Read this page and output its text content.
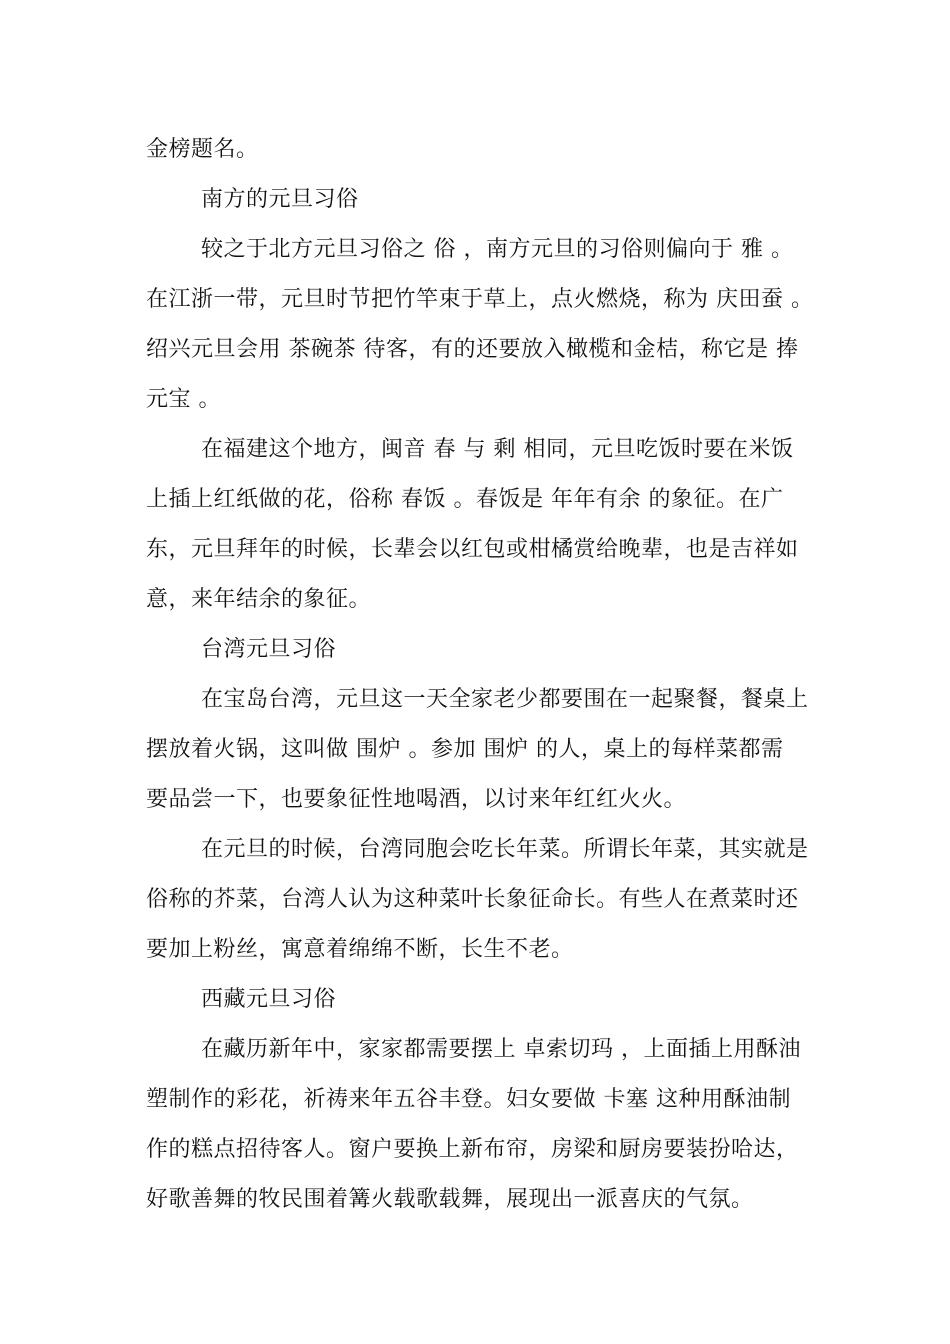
金榜题名。
南方的元旦习俗
较之于北方元旦习俗之 俗 ，南方元旦的习俗则偏向于 雅 。
在江浙一带，元旦时节把竹竿束于草上，点火燃烧，称为 庆田蚕 。
绍兴元旦会用 茶碗茶 待客，有的还要放入橄榄和金桔，称它是 捧
元宝 。
在福建这个地方，闽音 春 与 剩 相同，元旦吃饭时要在米饭
上插上红纸做的花，俗称 春饭 。春饭是 年年有余 的象征。在广
东，元旦拜年的时候，长辈会以红包或柑橘赏给晚辈，也是吉祥如
意，来年结余的象征。
台湾元旦习俗
在宝岛台湾，元旦这一天全家老少都要围在一起聚餐，餐桌上
摆放着火锅，这叫做 围炉 。参加 围炉 的人，桌上的每样菜都需
要品尝一下，也要象征性地喝酒，以讨来年红红火火。
在元旦的时候，台湾同胞会吃长年菜。所谓长年菜，其实就是
俗称的芥菜，台湾人认为这种菜叶长象征命长。有些人在煮菜时还
要加上粉丝，寓意着绵绵不断，长生不老。
西藏元旦习俗
在藏历新年中，家家都需要摆上 卓索切玛 ，上面插上用酥油
塑制作的彩花，祈祷来年五谷丰登。妇女要做 卡塞 这种用酥油制
作的糕点招待客人。窗户要换上新布帘，房梁和厨房要装扮哈达，
好歌善舞的牧民围着篝火载歌载舞，展现出一派喜庆的气氛。
